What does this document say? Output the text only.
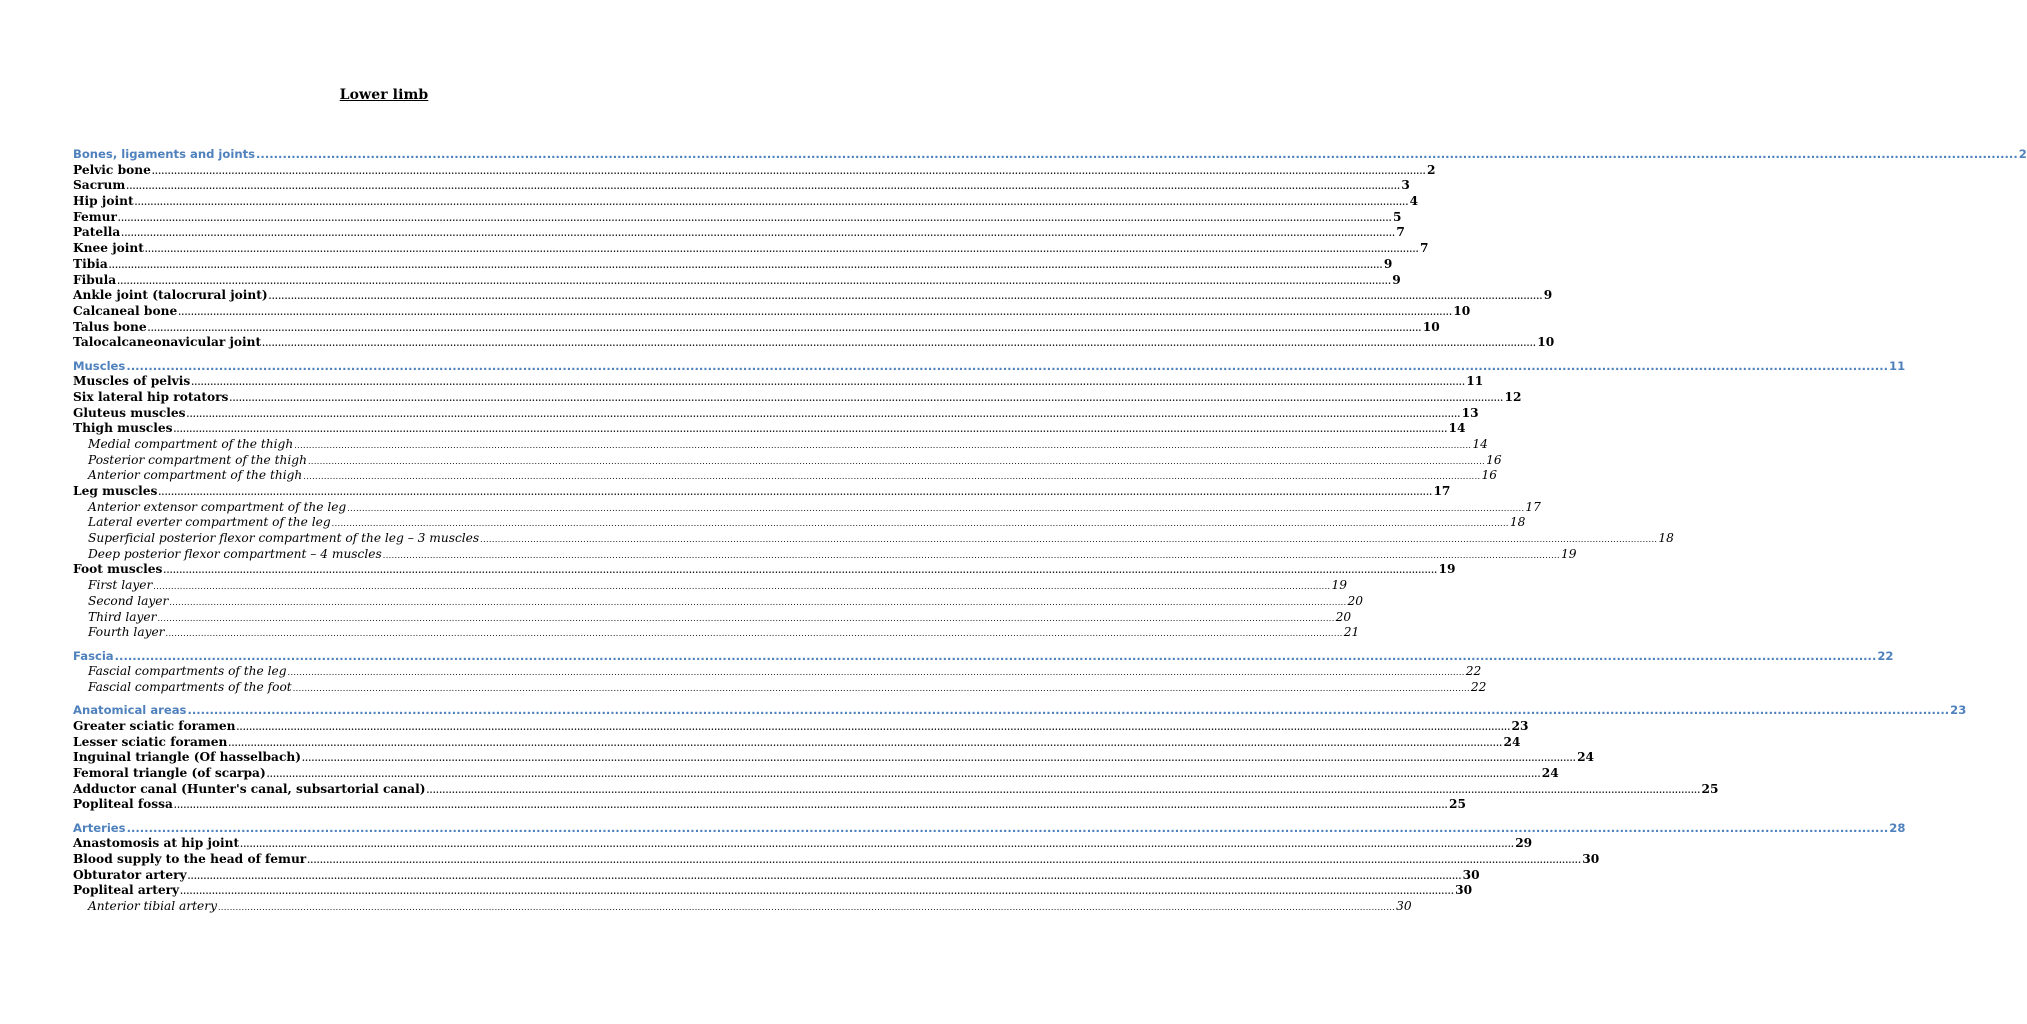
Lower limb
Bones, ligaments and joints ................................................................................................................................................................................................................................................................................................................................................................................................................ 2
Pelvic bone ................................................................................................................................................................................................................................................................................................................................................................................................................ 2
Sacrum ................................................................................................................................................................................................................................................................................................................................................................................................................ 3
Hip joint ................................................................................................................................................................................................................................................................................................................................................................................................................ 4
Femur ................................................................................................................................................................................................................................................................................................................................................................................................................ 5
Patella ................................................................................................................................................................................................................................................................................................................................................................................................................ 7
Knee joint ................................................................................................................................................................................................................................................................................................................................................................................................................ 7
Tibia ................................................................................................................................................................................................................................................................................................................................................................................................................ 9
Fibula ................................................................................................................................................................................................................................................................................................................................................................................................................ 9
Ankle joint (talocrural joint) ................................................................................................................................................................................................................................................................................................................................................................................................................ 9
Calcaneal bone ................................................................................................................................................................................................................................................................................................................................................................................................................ 10
Talus bone ................................................................................................................................................................................................................................................................................................................................................................................................................ 10
Talocalcaneonavicular joint ................................................................................................................................................................................................................................................................................................................................................................................................................ 10
Muscles ................................................................................................................................................................................................................................................................................................................................................................................................................ 11
Muscles of pelvis ................................................................................................................................................................................................................................................................................................................................................................................................................ 11
Six lateral hip rotators ................................................................................................................................................................................................................................................................................................................................................................................................................ 12
Gluteus muscles ................................................................................................................................................................................................................................................................................................................................................................................................................ 13
Thigh muscles ................................................................................................................................................................................................................................................................................................................................................................................................................ 14
Medial compartment of the thigh ................................................................................................................................................................................................................................................................................................................................................................................................................ 14
Posterior compartment of the thigh ................................................................................................................................................................................................................................................................................................................................................................................................................ 16
Anterior compartment of the thigh ................................................................................................................................................................................................................................................................................................................................................................................................................ 16
Leg muscles ................................................................................................................................................................................................................................................................................................................................................................................................................ 17
Anterior extensor compartment of the leg ................................................................................................................................................................................................................................................................................................................................................................................................................ 17
Lateral everter compartment of the leg ................................................................................................................................................................................................................................................................................................................................................................................................................ 18
Superficial posterior flexor compartment of the leg – 3 muscles ................................................................................................................................................................................................................................................................................................................................................................................................................ 18
Deep posterior flexor compartment – 4 muscles ................................................................................................................................................................................................................................................................................................................................................................................................................ 19
Foot muscles ................................................................................................................................................................................................................................................................................................................................................................................................................ 19
First layer ................................................................................................................................................................................................................................................................................................................................................................................................................ 19
Second layer ................................................................................................................................................................................................................................................................................................................................................................................................................ 20
Third layer ................................................................................................................................................................................................................................................................................................................................................................................................................ 20
Fourth layer ................................................................................................................................................................................................................................................................................................................................................................................................................ 21
Fascia ................................................................................................................................................................................................................................................................................................................................................................................................................ 22
Fascial compartments of the leg ................................................................................................................................................................................................................................................................................................................................................................................................................ 22
Fascial compartments of the foot ................................................................................................................................................................................................................................................................................................................................................................................................................ 22
Anatomical areas ................................................................................................................................................................................................................................................................................................................................................................................................................ 23
Greater sciatic foramen ................................................................................................................................................................................................................................................................................................................................................................................................................ 23
Lesser sciatic foramen ................................................................................................................................................................................................................................................................................................................................................................................................................ 24
Inguinal triangle (Of hasselbach) ................................................................................................................................................................................................................................................................................................................................................................................................................ 24
Femoral triangle (of scarpa) ................................................................................................................................................................................................................................................................................................................................................................................................................ 24
Adductor canal (Hunter's canal, subsartorial canal) ................................................................................................................................................................................................................................................................................................................................................................................................................ 25
Popliteal fossa ................................................................................................................................................................................................................................................................................................................................................................................................................ 25
Arteries ................................................................................................................................................................................................................................................................................................................................................................................................................ 28
Anastomosis at hip joint ................................................................................................................................................................................................................................................................................................................................................................................................................ 29
Blood supply to the head of femur ................................................................................................................................................................................................................................................................................................................................................................................................................ 30
Obturator artery ................................................................................................................................................................................................................................................................................................................................................................................................................ 30
Popliteal artery ................................................................................................................................................................................................................................................................................................................................................................................................................ 30
Anterior tibial artery ................................................................................................................................................................................................................................................................................................................................................................................................................ 30
